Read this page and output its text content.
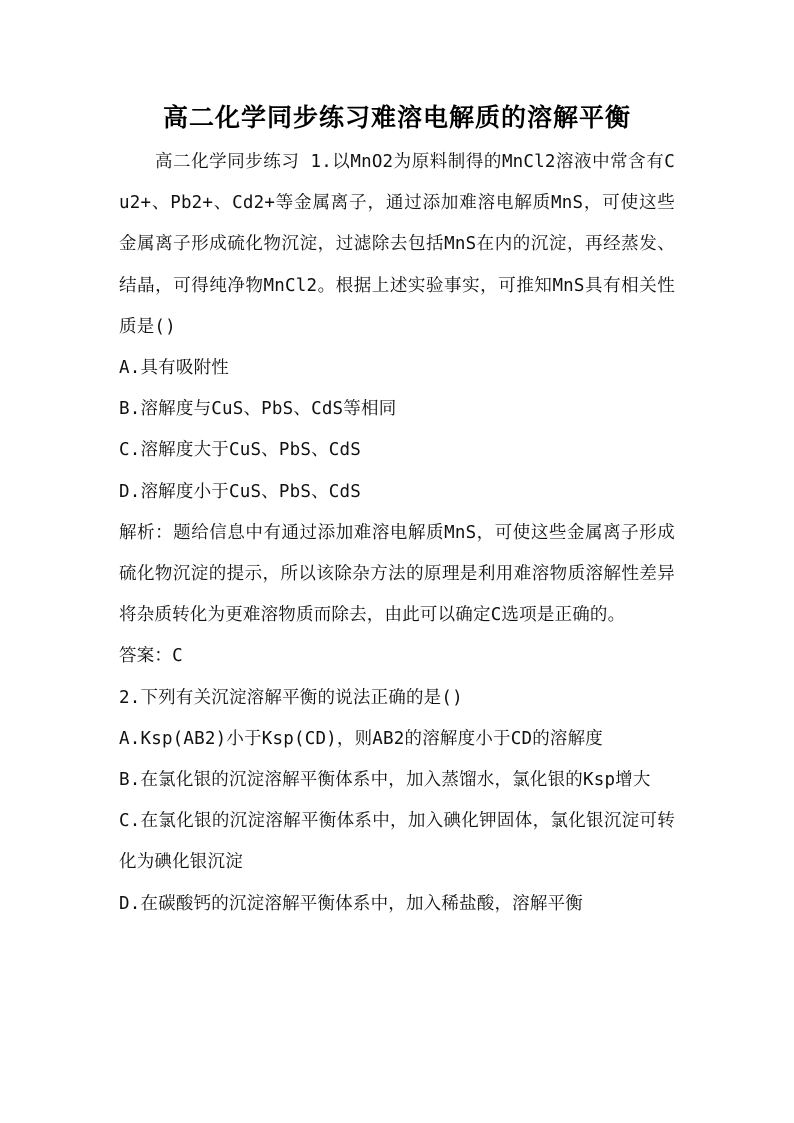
高二化学同步练习难溶电解质的溶解平衡

高二化学同步练习 1.以MnO2为原料制得的MnCl2溶液中常含有Cu2+、Pb2+、Cd2+等金属离子，通过添加难溶电解质MnS，可使这些金属离子形成硫化物沉淀，过滤除去包括MnS在内的沉淀，再经蒸发、结晶，可得纯净物MnCl2。根据上述实验事实，可推知MnS具有相关性质是()

A.具有吸附性

B.溶解度与CuS、PbS、CdS等相同

C.溶解度大于CuS、PbS、CdS

D.溶解度小于CuS、PbS、CdS

解析：题给信息中有通过添加难溶电解质MnS，可使这些金属离子形成硫化物沉淀的提示，所以该除杂方法的原理是利用难溶物质溶解性差异将杂质转化为更难溶物质而除去，由此可以确定C选项是正确的。

答案：C

2.下列有关沉淀溶解平衡的说法正确的是()

A.Ksp(AB2)小于Ksp(CD)，则AB2的溶解度小于CD的溶解度

B.在氯化银的沉淀溶解平衡体系中，加入蒸馏水，氯化银的Ksp增大

C.在氯化银的沉淀溶解平衡体系中，加入碘化钾固体，氯化银沉淀可转化为碘化银沉淀

D.在碳酸钙的沉淀溶解平衡体系中，加入稀盐酸，溶解平衡
